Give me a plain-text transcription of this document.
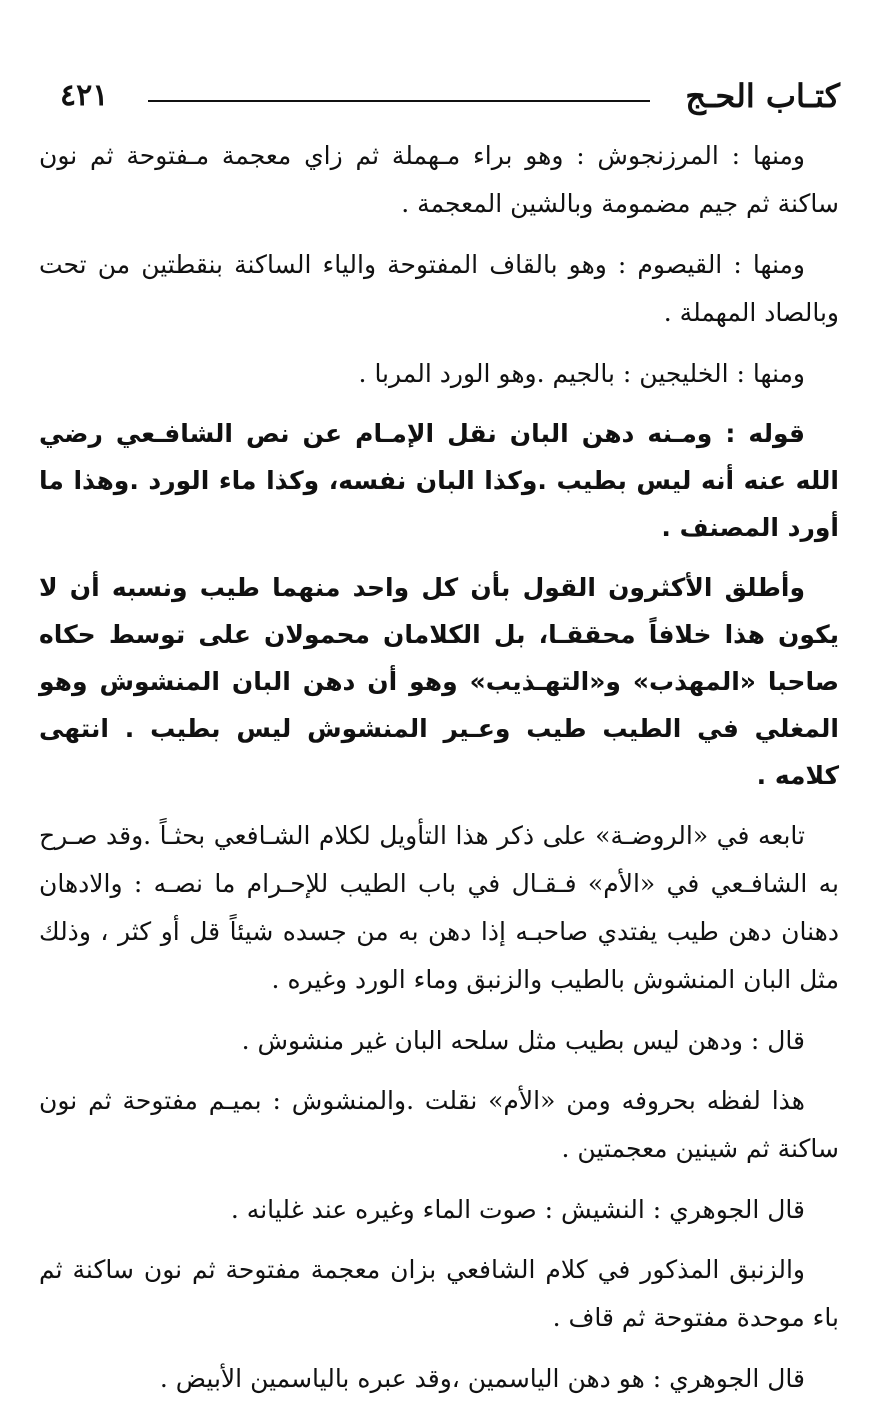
كتـاب الحـج
٤٢١

ومنها : المرزنجوش : وهو براء مـهملة ثم زاي معجمة مـفتوحة ثم نون ساكنة ثم جيم مضمومة وبالشين المعجمة .

ومنها : القيصوم : وهو بالقاف المفتوحة والياء الساكنة بنقطتين من تحت وبالصاد المهملة .

ومنها : الخليجين : بالجيم .وهو الورد المربا .

قوله : ومـنه دهن البان نقل الإمـام عن نص الشافـعي رضي الله عنه أنه ليس بطيب .وكذا البان نفسه، وكذا ماء الورد .وهذا ما أورد المصنف .

وأطلق الأكثرون القول بأن كل واحد منهما طيب ونسبه أن لا يكون هذا خلافاً محققـا، بل الكلامان محمولان على توسط حكاه صاحبا «المهذب» و«التهـذيب» وهو أن دهن البان المنشوش وهو المغلي في الطيب طيب وعـير المنشوش ليس بطيب . انتهى كلامه .

تابعه في «الروضـة» على ذكر هذا التأويل لكلام الشـافعي بحثـاً .وقد صـرح به الشافـعي في «الأم» فـقـال في باب الطيب للإحـرام ما نصـه : والادهان دهنان دهن طيب يفتدي صاحبـه إذا دهن به من جسده شيئاً قل أو كثر ، وذلك مثل البان المنشوش بالطيب والزنبق وماء الورد وغيره .

قال : ودهن ليس بطيب مثل سلحه البان غير منشوش .

هذا لفظه بحروفه ومن «الأم» نقلت .والمنشوش : بميـم مفتوحة ثم نون ساكنة ثم شينين معجمتين .

قال الجوهري : النشيش : صوت الماء وغيره عند غليانه .

والزنبق المذكور في كلام الشافعي بزان معجمة مفتوحة ثم نون ساكنة ثم باء موحدة مفتوحة ثم قاف .

قال الجوهري : هو دهن الياسمين ،وقد عبره بالياسمين الأبيض .
